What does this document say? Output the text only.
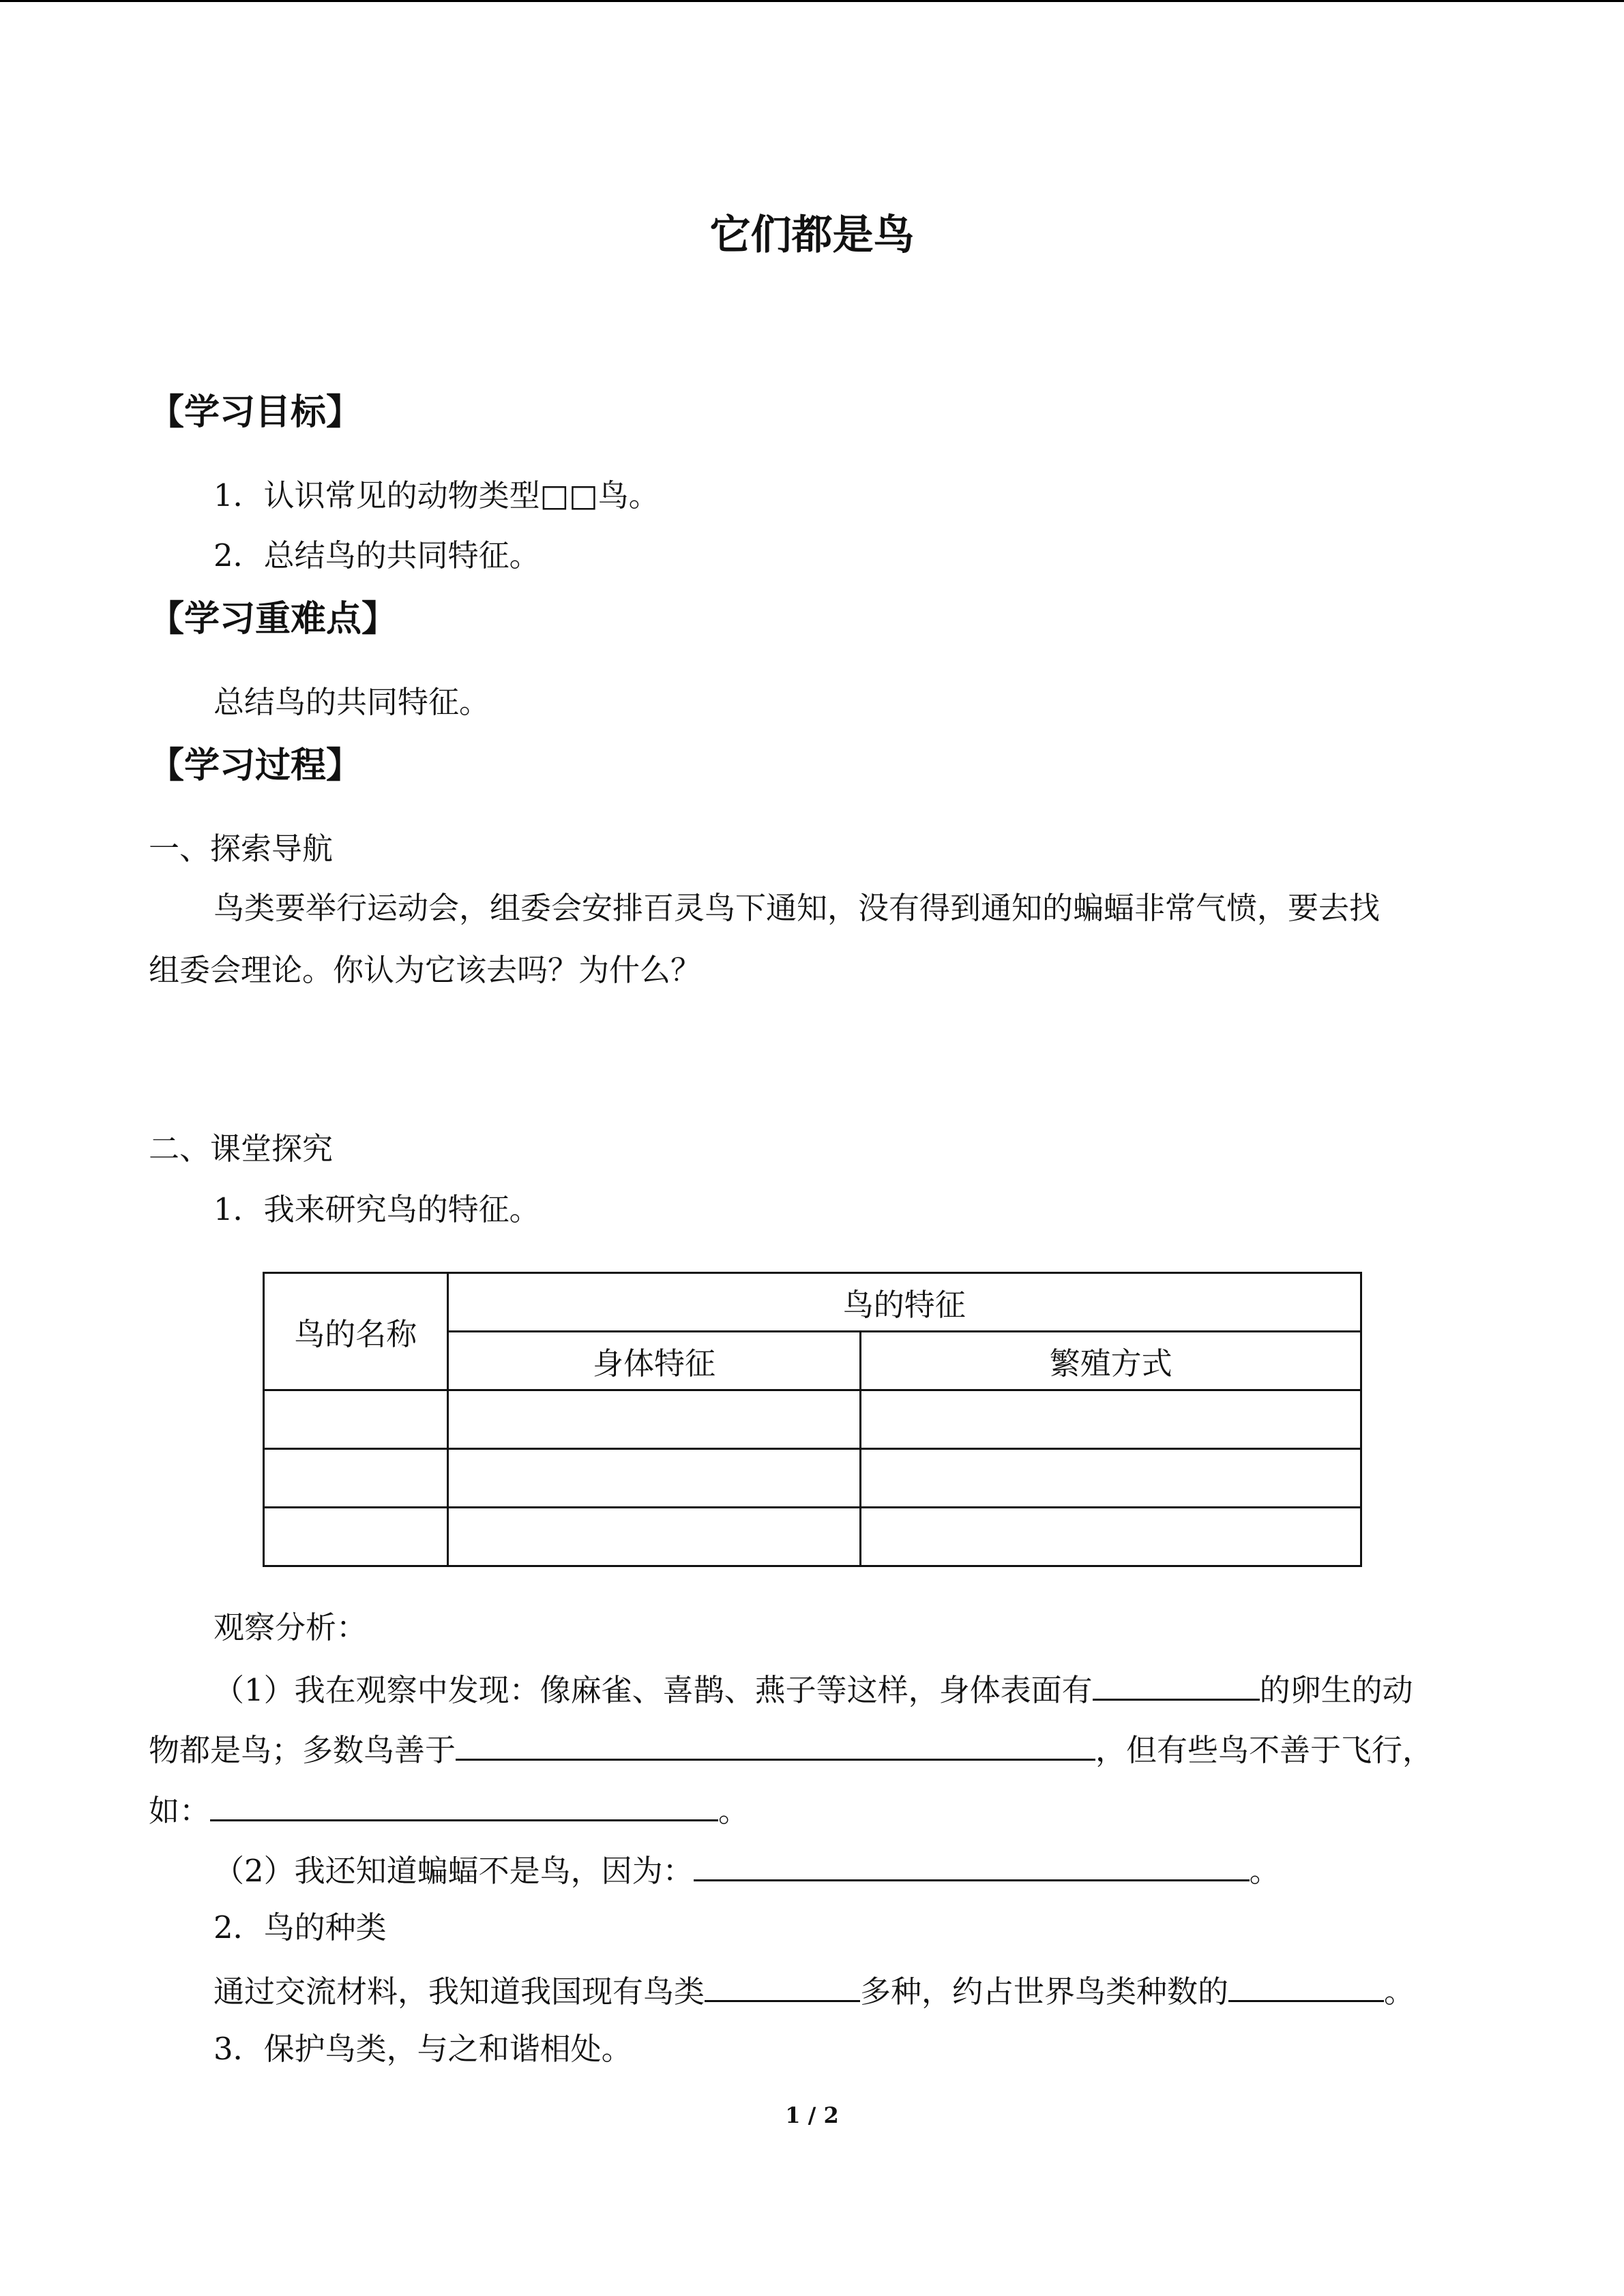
它们都是鸟
【学习目标】
1．认识常见的动物类型□□鸟。
2．总结鸟的共同特征。
【学习重难点】
总结鸟的共同特征。
【学习过程】
一、探索导航
鸟类要举行运动会，组委会安排百灵鸟下通知，没有得到通知的蝙蝠非常气愤，要去找
组委会理论。你认为它该去吗？为什么？
二、课堂探究
1．我来研究鸟的特征。
鸟的名称	鸟的特征	
	身体特征	繁殖方式

观察分析：
（1）我在观察中发现：像麻雀、喜鹊、燕子等这样，身体表面有	的卵生的动
物都是鸟；多数鸟善于	，但有些鸟不善于飞行，
如：	。
（2）我还知道蝙蝠不是鸟，因为：	。
2．鸟的种类
通过交流材料，我知道我国现有鸟类	多种，约占世界鸟类种数的	。
3．保护鸟类，与之和谐相处。
1 / 2
